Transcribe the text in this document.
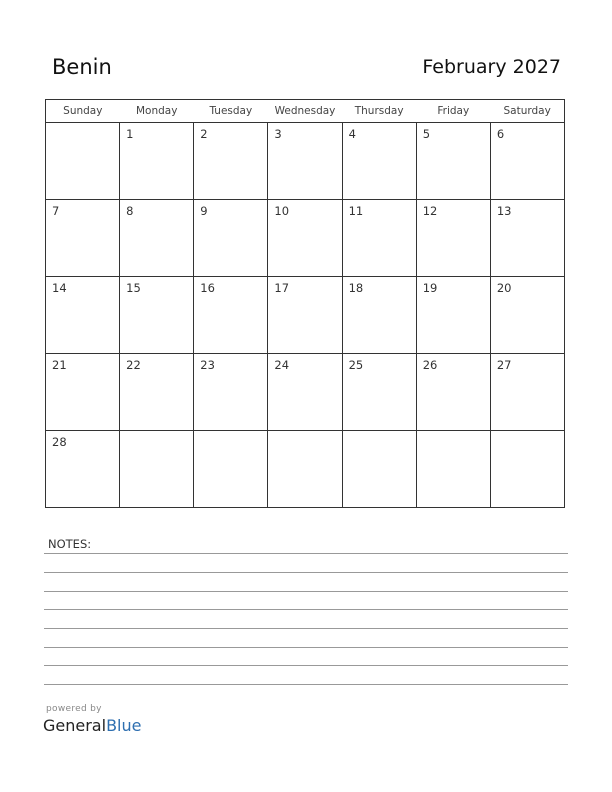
Benin	February 2027
Sunday	Monday	Tuesday	Wednesday	Thursday	Friday	Saturday

	1	2	3	4	5	6

7	8	9	10	11	12	13

14	15	16	17	18	19	20

21	22	23	24	25	26	27

28						

NOTES:
powered by
GeneralBlue
